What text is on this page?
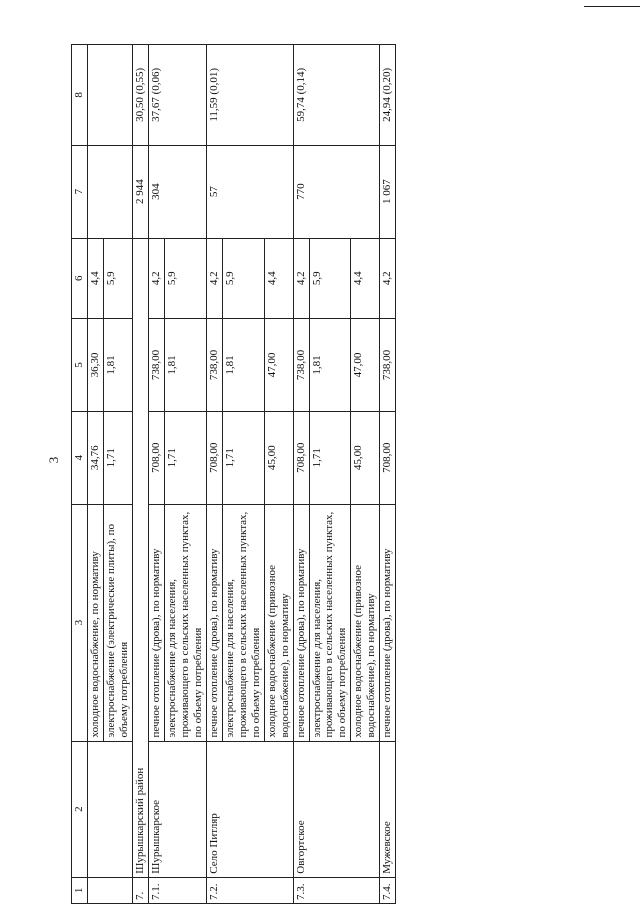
3
1	2	3	4	5	6	7	8
		холодное водоснабжение, по нормативу	34,76	36,30	4,4		
		электроснабжение (электрические плиты), по объему потребления	1,71	1,81	5,9		
7.	Шурышкарский район					2 944	30,50 (0,55)
7.1.	Шурышкарское	печное отопление (дрова), по нормативу	708,00	738,00	4,2	304	37,67 (0,06)
		электроснабжение для населения, проживающего в сельских населенных пунктах, по объему потребления	1,71	1,81	5,9		
7.2.	Село Питляр	печное отопление (дрова), по нормативу	708,00	738,00	4,2	57	11,59 (0,01)
		электроснабжение для населения, проживающего в сельских населенных пунктах, по объему потребления	1,71	1,81	5,9		
		холодное водоснабжение (привозное водоснабжение), по нормативу	45,00	47,00	4,4		
7.3.	Овгортское	печное отопление (дрова), по нормативу	708,00	738,00	4,2	770	59,74 (0,14)
		электроснабжение для населения, проживающего в сельских населенных пунктах, по объему потребления	1,71	1,81	5,9		
		холодное водоснабжение (привозное водоснабжение), по нормативу	45,00	47,00	4,4		
7.4.	Мужевское	печное отопление (дрова), по нормативу	708,00	738,00	4,2	1 067	24,94 (0,20)
